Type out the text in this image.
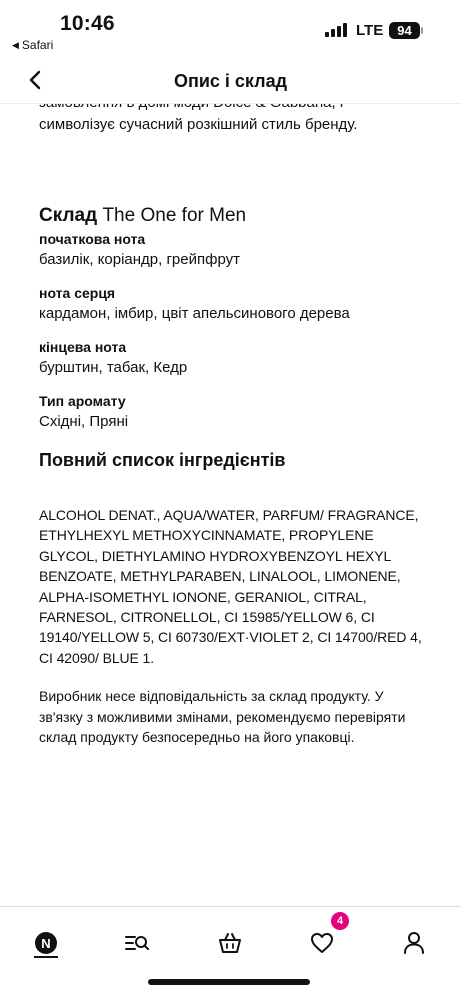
10:46
◀ Safari
LTE	94
Опис і склад
символізує сучасний розкішний стиль бренду.
Склад The One for Men
початкова нота
базилік, коріандр, грейпфрут
нота серця
кардамон, імбир, цвіт апельсинового дерева
кінцева нота
бурштин, табак, Кедр
Тип аромату
Східні, Пряні
Повний список інгредієнтів
ALCOHOL DENAT., AQUA/WATER, PARFUM/ FRAGRANCE, ETHYLHEXYL METHOXYCINNAMATE, PROPYLENE GLYCOL, DIETHYLAMINO HYDROXYBENZOYL HEXYL BENZOATE, METHYLPARABEN, LINALOOL, LIMONENE, ALPHA-ISOMETHYL IONONE, GERANIOL, CITRAL, FARNESOL, CITRONELLOL, CI 15985/YELLOW 6, CI 19140/YELLOW 5, CI 60730/EXT·VIOLET 2, CI 14700/RED 4, CI 42090/ BLUE 1.
Виробник несе відповідальність за склад продукту. У зв'язку з можливими змінами, рекомендуємо перевіряти склад продукту безпосередньо на його упаковці.
N
4
